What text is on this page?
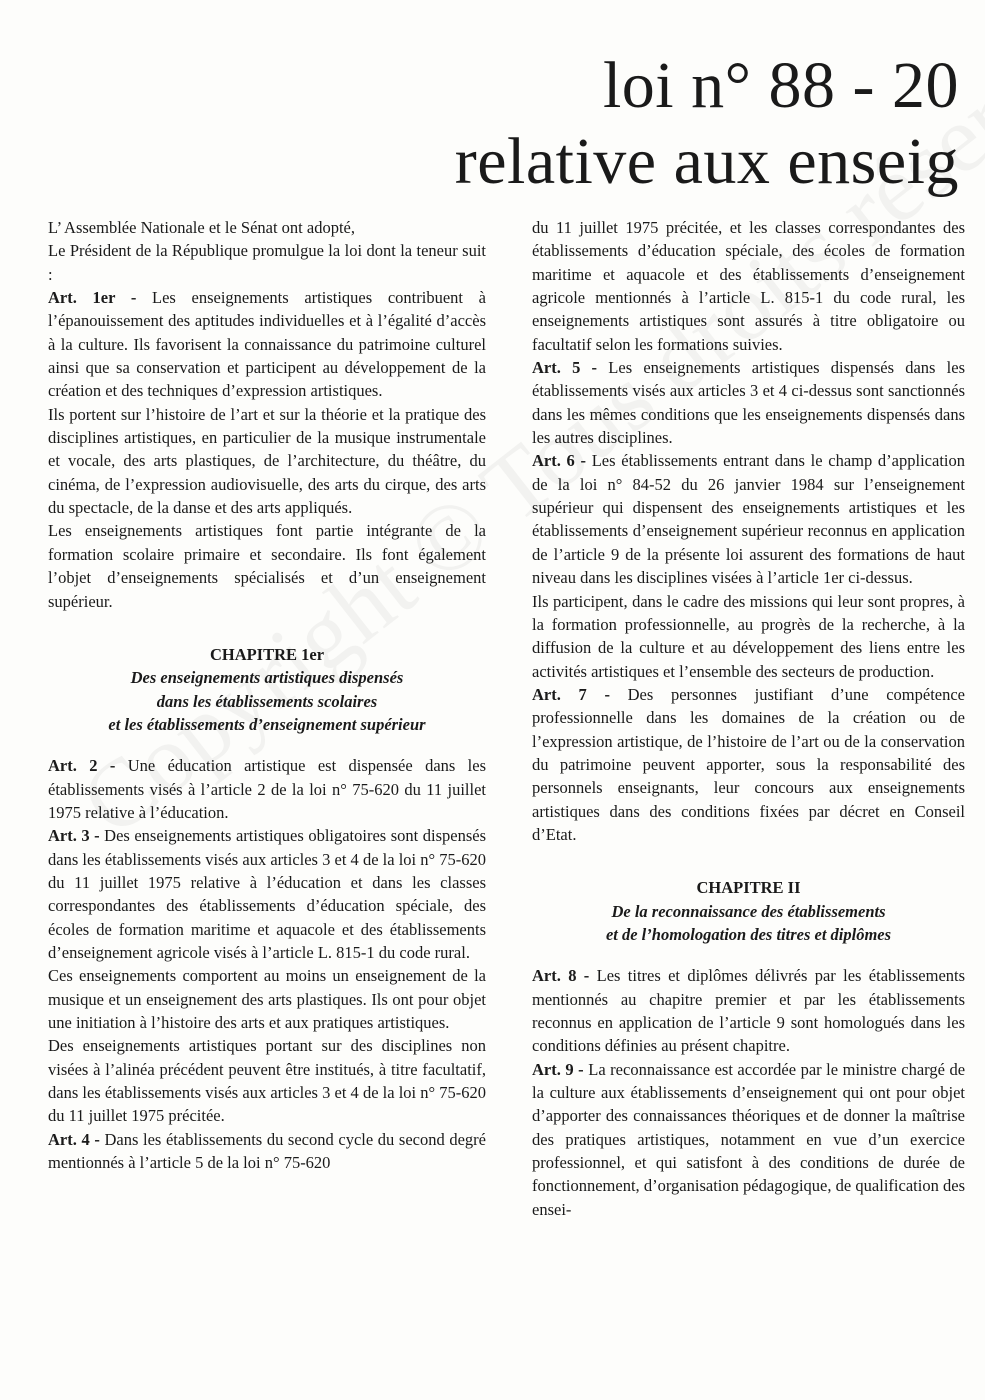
loi n° 88 - 20
relative aux enseig

L’ Assemblée Nationale et le Sénat ont adopté,

Le Président de la République promulgue la loi dont la teneur suit :

Art. 1er - Les enseignements artistiques contribuent à l’épanouissement des aptitudes individuelles et à l’égalité d’accès à la culture. Ils favorisent la connaissance du patrimoine culturel ainsi que sa conservation et participent au développement de la création et des techniques d’expression artistiques.

Ils portent sur l’histoire de l’art et sur la théorie et la pratique des disciplines artistiques, en particulier de la musique instrumentale et vocale, des arts plastiques, de l’architecture, du théâtre, du cinéma, de l’expression audiovisuelle, des arts du cirque, des arts du spectacle, de la danse et des arts appliqués.

Les enseignements artistiques font partie intégrante de la formation scolaire primaire et secondaire. Ils font également l’objet d’enseignements spécialisés et d’un enseignement supérieur.

CHAPITRE 1er
Des enseignements artistiques dispensés
dans les établissements scolaires
et les établissements d’enseignement supérieur

Art. 2 - Une éducation artistique est dispensée dans les établissements visés à l’article 2 de la loi n° 75-620 du 11 juillet 1975 relative à l’éducation.

Art. 3 - Des enseignements artistiques obligatoires sont dispensés dans les établissements visés aux articles 3 et 4 de la loi n° 75-620 du 11 juillet 1975 relative à l’éducation et dans les classes correspondantes des établissements d’éducation spéciale, des écoles de formation maritime et aquacole et des établissements d’enseignement agricole visés à l’article L. 815-1 du code rural.

Ces enseignements comportent au moins un enseignement de la musique et un enseignement des arts plastiques. Ils ont pour objet une initiation à l’histoire des arts et aux pratiques artistiques.

Des enseignements artistiques portant sur des disciplines non visées à l’alinéa précédent peuvent être institués, à titre facultatif, dans les établissements visés aux articles 3 et 4 de la loi n° 75-620 du 11 juillet 1975 précitée.

Art. 4 - Dans les établissements du second cycle du second degré mentionnés à l’article 5 de la loi n° 75-620

du 11 juillet 1975 précitée, et les classes correspondantes des établissements d’éducation spéciale, des écoles de formation maritime et aquacole et des établissements d’enseignement agricole mentionnés à l’article L. 815-1 du code rural, les enseignements artistiques sont assurés à titre obligatoire ou facultatif selon les formations suivies.

Art. 5 - Les enseignements artistiques dispensés dans les établissements visés aux articles 3 et 4 ci-dessus sont sanctionnés dans les mêmes conditions que les enseignements dispensés dans les autres disciplines.

Art. 6 - Les établissements entrant dans le champ d’application de la loi n° 84-52 du 26 janvier 1984 sur l’enseignement supérieur qui dispensent des enseignements artistiques et les établissements d’enseignement supérieur reconnus en application de l’article 9 de la présente loi assurent des formations de haut niveau dans les disciplines visées à l’article 1er ci-dessus.

Ils participent, dans le cadre des missions qui leur sont propres, à la formation professionnelle, au progrès de la recherche, à la diffusion de la culture et au développement des liens entre les activités artistiques et l’ensemble des secteurs de production.

Art. 7 - Des personnes justifiant d’une compétence professionnelle dans les domaines de la création ou de l’expression artistique, de l’histoire de l’art ou de la conservation du patrimoine peuvent apporter, sous la responsabilité des personnels enseignants, leur concours aux enseignements artistiques dans des conditions fixées par décret en Conseil d’Etat.

CHAPITRE II
De la reconnaissance des établissements
et de l’homologation des titres et diplômes

Art. 8 - Les titres et diplômes délivrés par les établissements mentionnés au chapitre premier et par les établissements reconnus en application de l’article 9 sont homologués dans les conditions définies au présent chapitre.

Art. 9 - La reconnaissance est accordée par le ministre chargé de la culture aux établissements d’enseignement qui ont pour objet d’apporter des connaissances théoriques et de donner la maîtrise des pratiques artistiques, notamment en vue d’un exercice professionnel, et qui satisfont à des conditions de durée de fonctionnement, d’organisation pédagogique, de qualification des ensei-
